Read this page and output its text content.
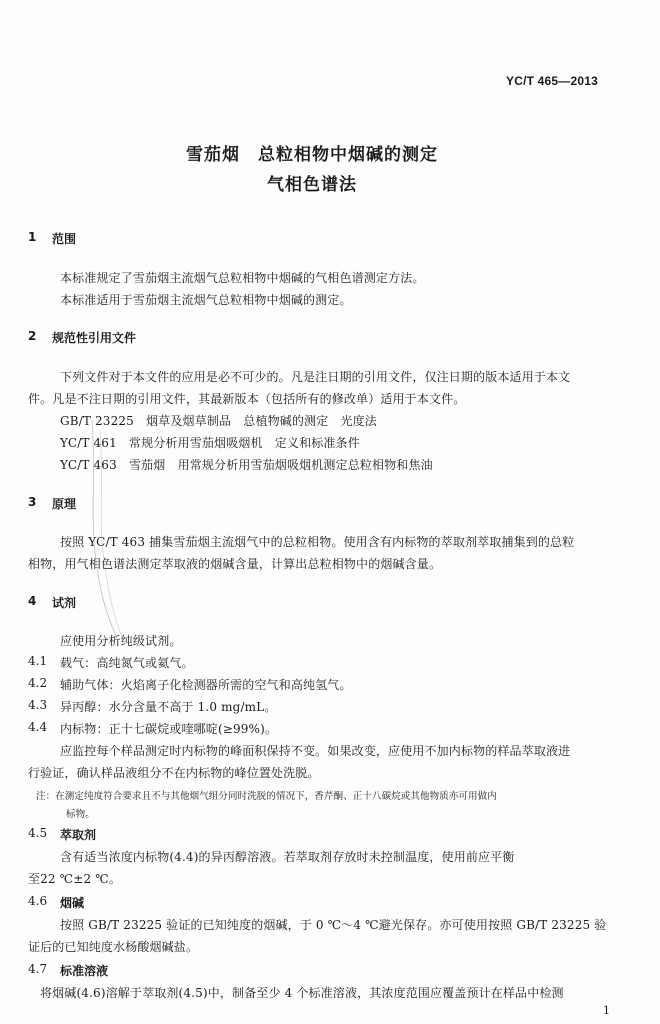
YC/T 465—2013
雪茄烟　总粒相物中烟碱的测定
气相色谱法
1 范围
本标准规定了雪茄烟主流烟气总粒相物中烟碱的气相色谱测定方法。
本标准适用于雪茄烟主流烟气总粒相物中烟碱的测定。
2 规范性引用文件
下列文件对于本文件的应用是必不可少的。凡是注日期的引用文件，仅注日期的版本适用于本文
件。凡是不注日期的引用文件，其最新版本（包括所有的修改单）适用于本文件。
GB/T 23225　烟草及烟草制品　总植物碱的测定　光度法
YC/T 461　常规分析用雪茄烟吸烟机　定义和标准条件
YC/T 463　雪茄烟　用常规分析用雪茄烟吸烟机测定总粒相物和焦油
3 原理
按照 YC/T 463 捕集雪茄烟主流烟气中的总粒相物。使用含有内标物的萃取剂萃取捕集到的总粒
相物，用气相色谱法测定萃取液的烟碱含量，计算出总粒相物中的烟碱含量。
4 试剂
应使用分析纯级试剂。
4.1 载气：高纯氮气或氦气。
4.2 辅助气体：火焰离子化检测器所需的空气和高纯氢气。
4.3 异丙醇：水分含量不高于 1.0 mg/mL。
4.4 内标物：正十七碳烷或喹哪啶(≥99%)。
应监控每个样品测定时内标物的峰面积保持不变。如果改变，应使用不加内标物的样品萃取液进
行验证，确认样品液组分不在内标物的峰位置处洗脱。
注：在测定纯度符合要求且不与其他烟气组分同时洗脱的情况下，香芹酮、正十八碳烷或其他物质亦可用做内
标物。
4.5 萃取剂
含有适当浓度内标物(4.4)的异丙醇溶液。若萃取剂存放时未控制温度，使用前应平衡
至22 ℃±2 ℃。
4.6 烟碱
按照 GB/T 23225 验证的已知纯度的烟碱，于 0 ℃～4 ℃避光保存。亦可使用按照 GB/T 23225 验
证后的已知纯度水杨酸烟碱盐。
4.7 标准溶液
将烟碱(4.6)溶解于萃取剂(4.5)中，制备至少 4 个标准溶液，其浓度范围应覆盖预计在样品中检测
1
